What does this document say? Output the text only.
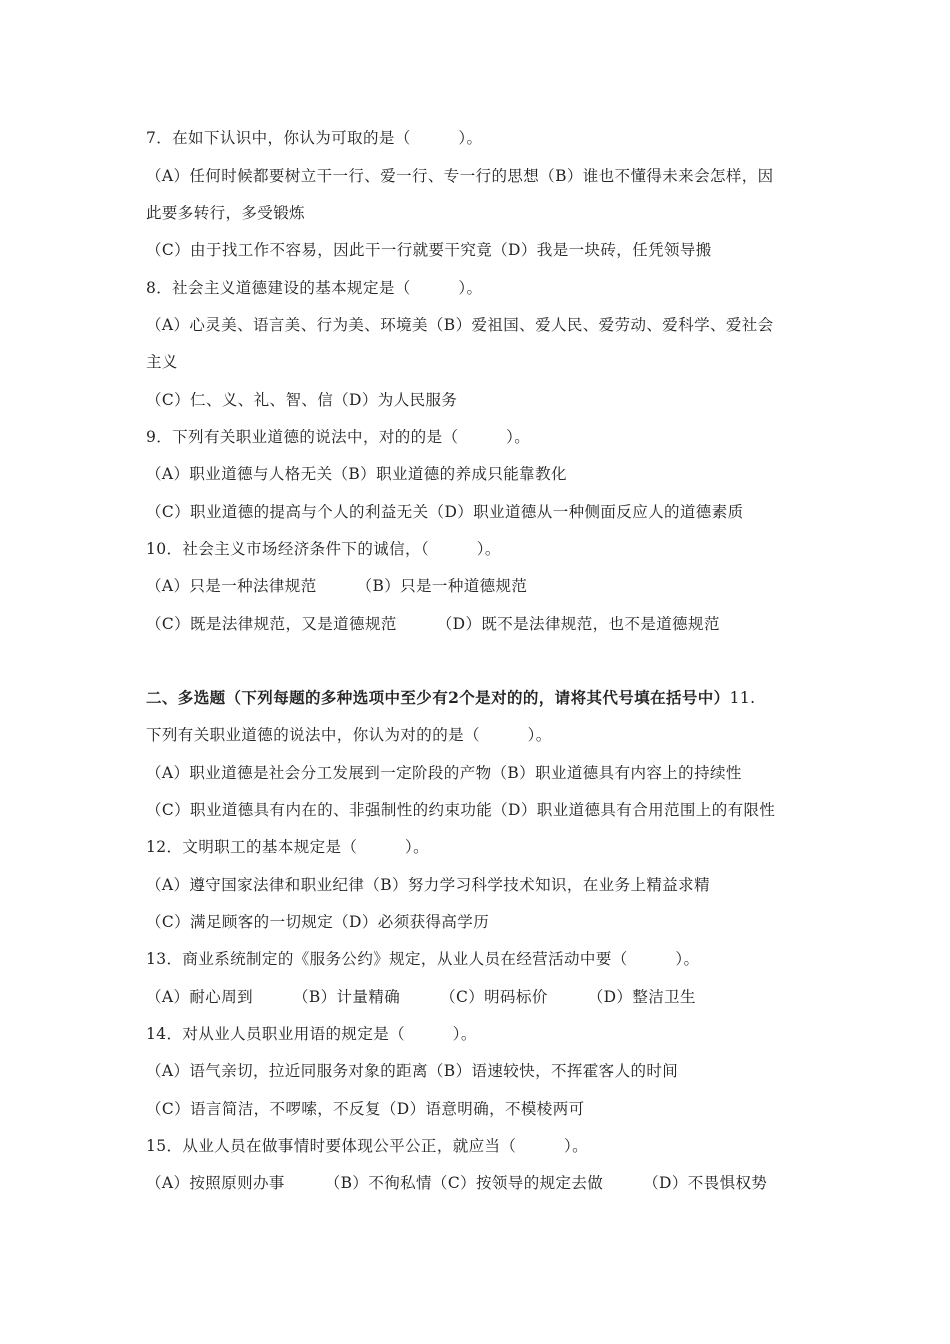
7．在如下认识中，你认为可取的是（　　　）。
（A）任何时候都要树立干一行、爱一行、专一行的思想（B）谁也不懂得未来会怎样，因
此要多转行，多受锻炼
（C）由于找工作不容易，因此干一行就要干究竟（D）我是一块砖，任凭领导搬
8．社会主义道德建设的基本规定是（　　　）。
（A）心灵美、语言美、行为美、环境美（B）爱祖国、爱人民、爱劳动、爱科学、爱社会
主义
（C）仁、义、礼、智、信（D）为人民服务
9．下列有关职业道德的说法中，对的的是（　　　）。
（A）职业道德与人格无关（B）职业道德的养成只能靠教化
（C）职业道德的提高与个人的利益无关（D）职业道德从一种侧面反应人的道德素质
10．社会主义市场经济条件下的诚信，（　　　）。
（A）只是一种法律规范　　　（B）只是一种道德规范
（C）既是法律规范，又是道德规范　　　（D）既不是法律规范，也不是道德规范
二、多选题（下列每题的多种选项中至少有2个是对的的，请将其代号填在括号中）11.
下列有关职业道德的说法中，你认为对的的是（　　　）。
（A）职业道德是社会分工发展到一定阶段的产物（B）职业道德具有内容上的持续性
（C）职业道德具有内在的、非强制性的约束功能（D）职业道德具有合用范围上的有限性
12．文明职工的基本规定是（　　　）。
（A）遵守国家法律和职业纪律（B）努力学习科学技术知识，在业务上精益求精
（C）满足顾客的一切规定（D）必须获得高学历
13．商业系统制定的《服务公约》规定，从业人员在经营活动中要（　　　）。
（A）耐心周到　　　（B）计量精确　　　（C）明码标价　　　（D）整洁卫生
14．对从业人员职业用语的规定是（　　　）。
（A）语气亲切，拉近同服务对象的距离（B）语速较快，不挥霍客人的时间
（C）语言简洁，不啰嗦，不反复（D）语意明确，不模棱两可
15．从业人员在做事情时要体现公平公正，就应当（　　　）。
（A）按照原则办事　　　（B）不徇私情（C）按领导的规定去做　　　（D）不畏惧权势
